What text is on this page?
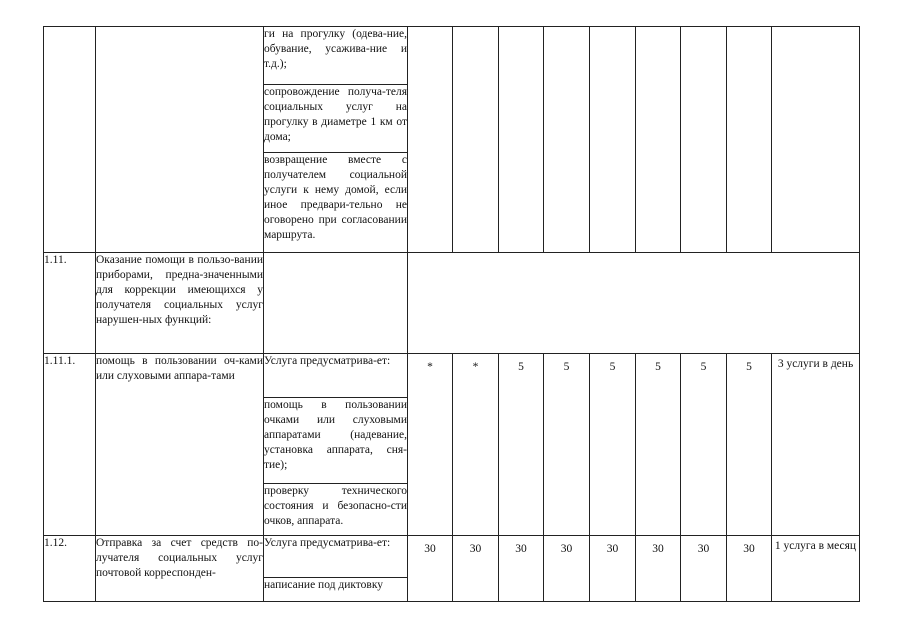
		ги на прогулку (одева-ние, обувание, усажива-ние и т.д.);									
		сопровождение получа-теля социальных услуг на прогулку в диаметре 1 км от дома;									
		возвращение вместе с получателем социальной услуги к нему домой, если иное предвари-тельно не оговорено при согласовании маршрута.									
1.11.	Оказание помощи в пользо-вании приборами, предна-значенными для коррекции имеющихся у получателя социальных услуг нарушен-ных функций:										
1.11.1.	помощь в пользовании оч-ками или слуховыми аппара-тами	Услуга предусматрива-ет:	*	*	5	5	5	5	5	5	3 услуги в день
		помощь в пользовании очками или слуховыми аппаратами (надевание, установка аппарата, сня-тие);									
		проверку технического состояния и безопасно-сти очков, аппарата.									
1.12.	Отправка за счет средств по-лучателя социальных услуг почтовой корреспонден-	Услуга предусматрива-ет:	30	30	30	30	30	30	30	30	1 услуга в месяц
		написание под диктовку									
